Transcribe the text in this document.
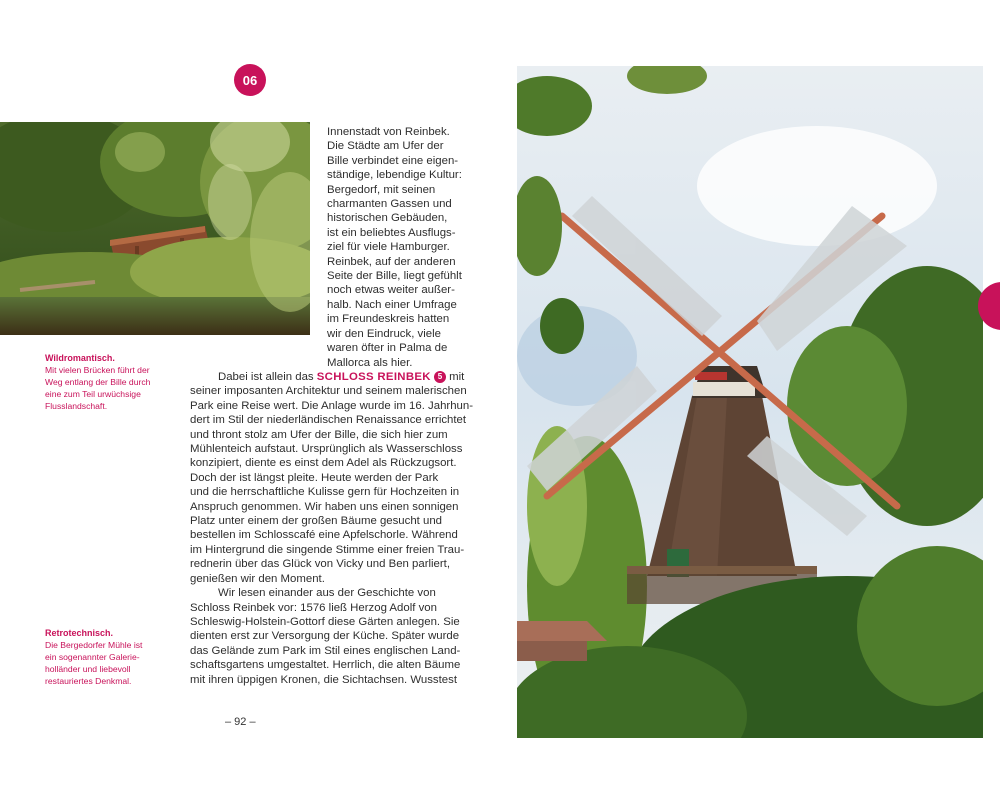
06
Wildromantisch.
Mit vielen Brücken führt der
Weg entlang der Bille durch
eine zum Teil urwüchsige
Flusslandschaft.
Retrotechnisch.
Die Bergedorfer Mühle ist
ein sogenannter Galerie-
holländer und liebevoll
restauriertes Denkmal.
Innenstadt von Reinbek.
Die Städte am Ufer der
Bille verbindet eine eigen-
ständige, lebendige Kultur:
Bergedorf, mit seinen
charmanten Gassen und
historischen Gebäuden,
ist ein beliebtes Ausflugs-
ziel für viele Hamburger.
Reinbek, auf der anderen
Seite der Bille, liegt gefühlt
noch etwas weiter außer-
halb. Nach einer Umfrage
im Freundeskreis hatten
wir den Eindruck, viele
waren öfter in Palma de
Mallorca als hier.
Dabei ist allein das SCHLOSS REINBEK 5 mit
seiner imposanten Architektur und seinem malerischen
Park eine Reise wert. Die Anlage wurde im 16. Jahrhun-
dert im Stil der niederländischen Renaissance errichtet
und thront stolz am Ufer der Bille, die sich hier zum
Mühlenteich aufstaut. Ursprünglich als Wasserschloss
konzipiert, diente es einst dem Adel als Rückzugsort.
Doch der ist längst pleite. Heute werden der Park
und die herrschaftliche Kulisse gern für Hochzeiten in
Anspruch genommen. Wir haben uns einen sonnigen
Platz unter einem der großen Bäume gesucht und
bestellen im Schlosscafé eine Apfelschorle. Während
im Hintergrund die singende Stimme einer freien Trau-
rednerin über das Glück von Vicky und Ben parliert,
genießen wir den Moment.
Wir lesen einander aus der Geschichte von
Schloss Reinbek vor: 1576 ließ Herzog Adolf von
Schleswig-Holstein-Gottorf diese Gärten anlegen. Sie
dienten erst zur Versorgung der Küche. Später wurde
das Gelände zum Park im Stil eines englischen Land-
schaftsgartens umgestaltet. Herrlich, die alten Bäume
mit ihren üppigen Kronen, die Sichtachsen. Wusstest
– 92 –
